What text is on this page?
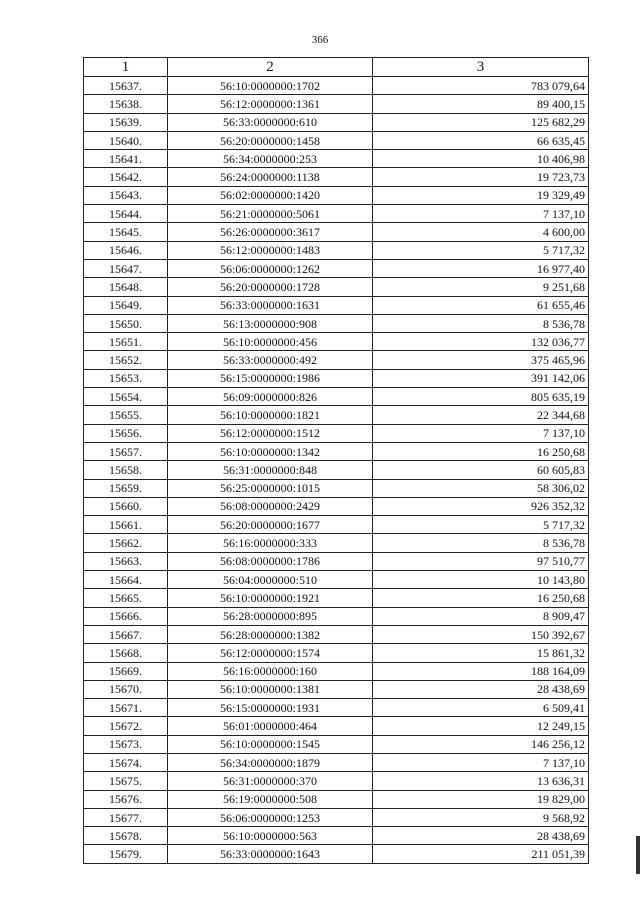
366
1	2	3
15637.	56:10:0000000:1702	783 079,64
15638.	56:12:0000000:1361	89 400,15
15639.	56:33:0000000:610	125 682,29
15640.	56:20:0000000:1458	66 635,45
15641.	56:34:0000000:253	10 406,98
15642.	56:24:0000000:1138	19 723,73
15643.	56:02:0000000:1420	19 329,49
15644.	56:21:0000000:5061	7 137,10
15645.	56:26:0000000:3617	4 600,00
15646.	56:12:0000000:1483	5 717,32
15647.	56:06:0000000:1262	16 977,40
15648.	56:20:0000000:1728	9 251,68
15649.	56:33:0000000:1631	61 655,46
15650.	56:13:0000000:908	8 536,78
15651.	56:10:0000000:456	132 036,77
15652.	56:33:0000000:492	375 465,96
15653.	56:15:0000000:1986	391 142,06
15654.	56:09:0000000:826	805 635,19
15655.	56:10:0000000:1821	22 344,68
15656.	56:12:0000000:1512	7 137,10
15657.	56:10:0000000:1342	16 250,68
15658.	56:31:0000000:848	60 605,83
15659.	56:25:0000000:1015	58 306,02
15660.	56:08:0000000:2429	926 352,32
15661.	56:20:0000000:1677	5 717,32
15662.	56:16:0000000:333	8 536,78
15663.	56:08:0000000:1786	97 510,77
15664.	56:04:0000000:510	10 143,80
15665.	56:10:0000000:1921	16 250,68
15666.	56:28:0000000:895	8 909,47
15667.	56:28:0000000:1382	150 392,67
15668.	56:12:0000000:1574	15 861,32
15669.	56:16:0000000:160	188 164,09
15670.	56:10:0000000:1381	28 438,69
15671.	56:15:0000000:1931	6 509,41
15672.	56:01:0000000:464	12 249,15
15673.	56:10:0000000:1545	146 256,12
15674.	56:34:0000000:1879	7 137,10
15675.	56:31:0000000:370	13 636,31
15676.	56:19:0000000:508	19 829,00
15677.	56:06:0000000:1253	9 568,92
15678.	56:10:0000000:563	28 438,69
15679.	56:33:0000000:1643	211 051,39
